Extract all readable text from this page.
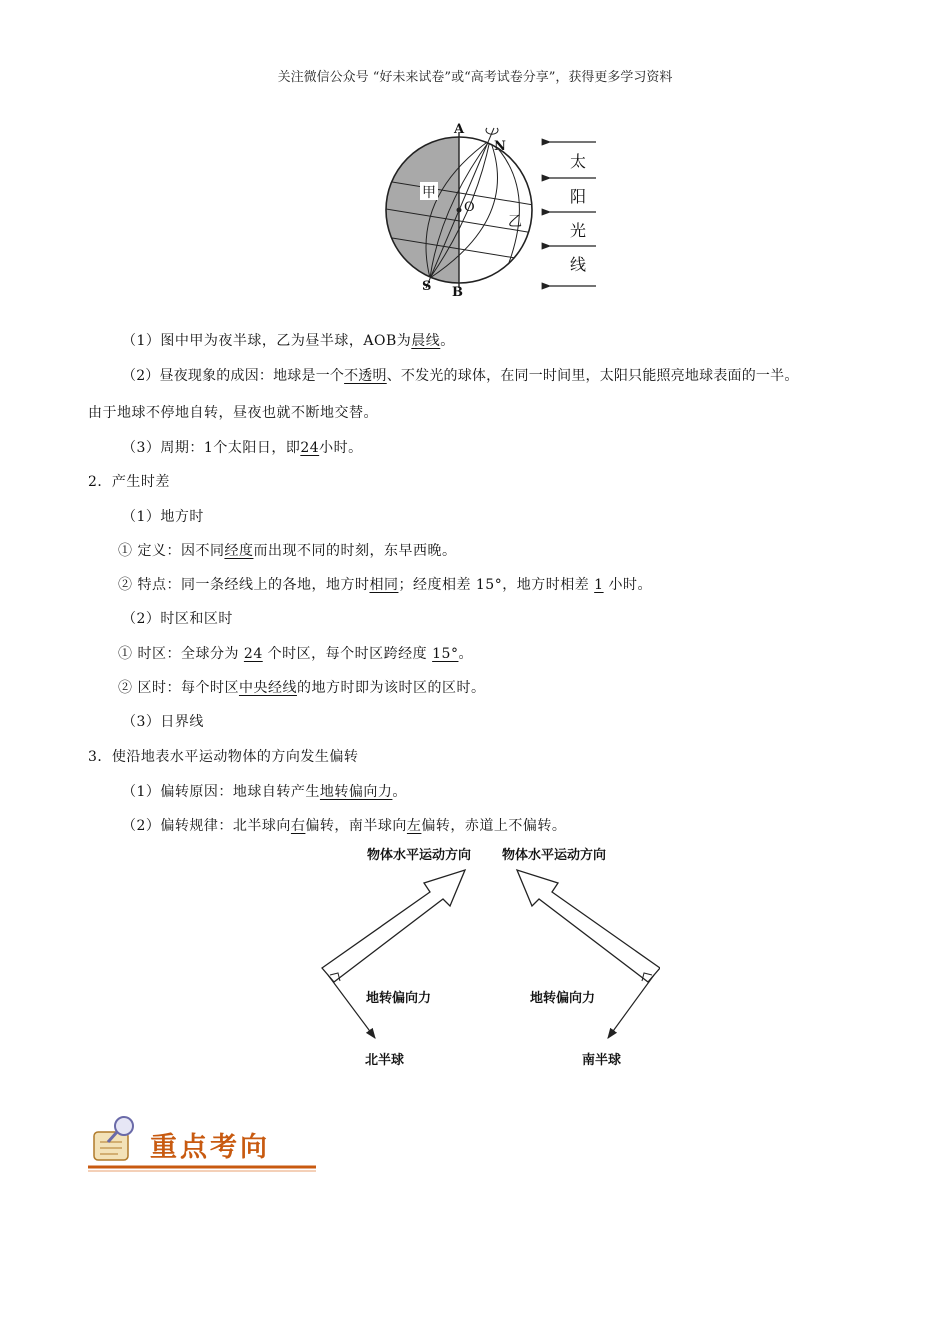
关注微信公众号 “好未来试卷”或“高考试卷分享”，获得更多学习资料
甲
乙
O
A
N
S B
太
阳
光
线
（1）图中甲为夜半球，乙为昼半球，AOB为晨线。
（2）昼夜现象的成因：地球是一个不透明、不发光的球体，在同一时间里，太阳只能照亮地球表面的一半。
由于地球不停地自转，昼夜也就不断地交替。
（3）周期：1个太阳日，即24小时。
2．产生时差
（1）地方时
① 定义：因不同经度而出现不同的时刻，东早西晚。
② 特点：同一条经线上的各地，地方时相同；经度相差 15°，地方时相差 1 小时。
（2）时区和区时
① 时区：全球分为 24 个时区，每个时区跨经度 15°。
② 区时：每个时区中央经线的地方时即为该时区的区时。
（3）日界线
3．使沿地表水平运动物体的方向发生偏转
（1）偏转原因：地球自转产生地转偏向力。
（2）偏转规律：北半球向右偏转，南半球向左偏转，赤道上不偏转。
物体水平运动方向 物体水平运动方向
地转偏向力	地转偏向力
北半球	南半球
重点考向
